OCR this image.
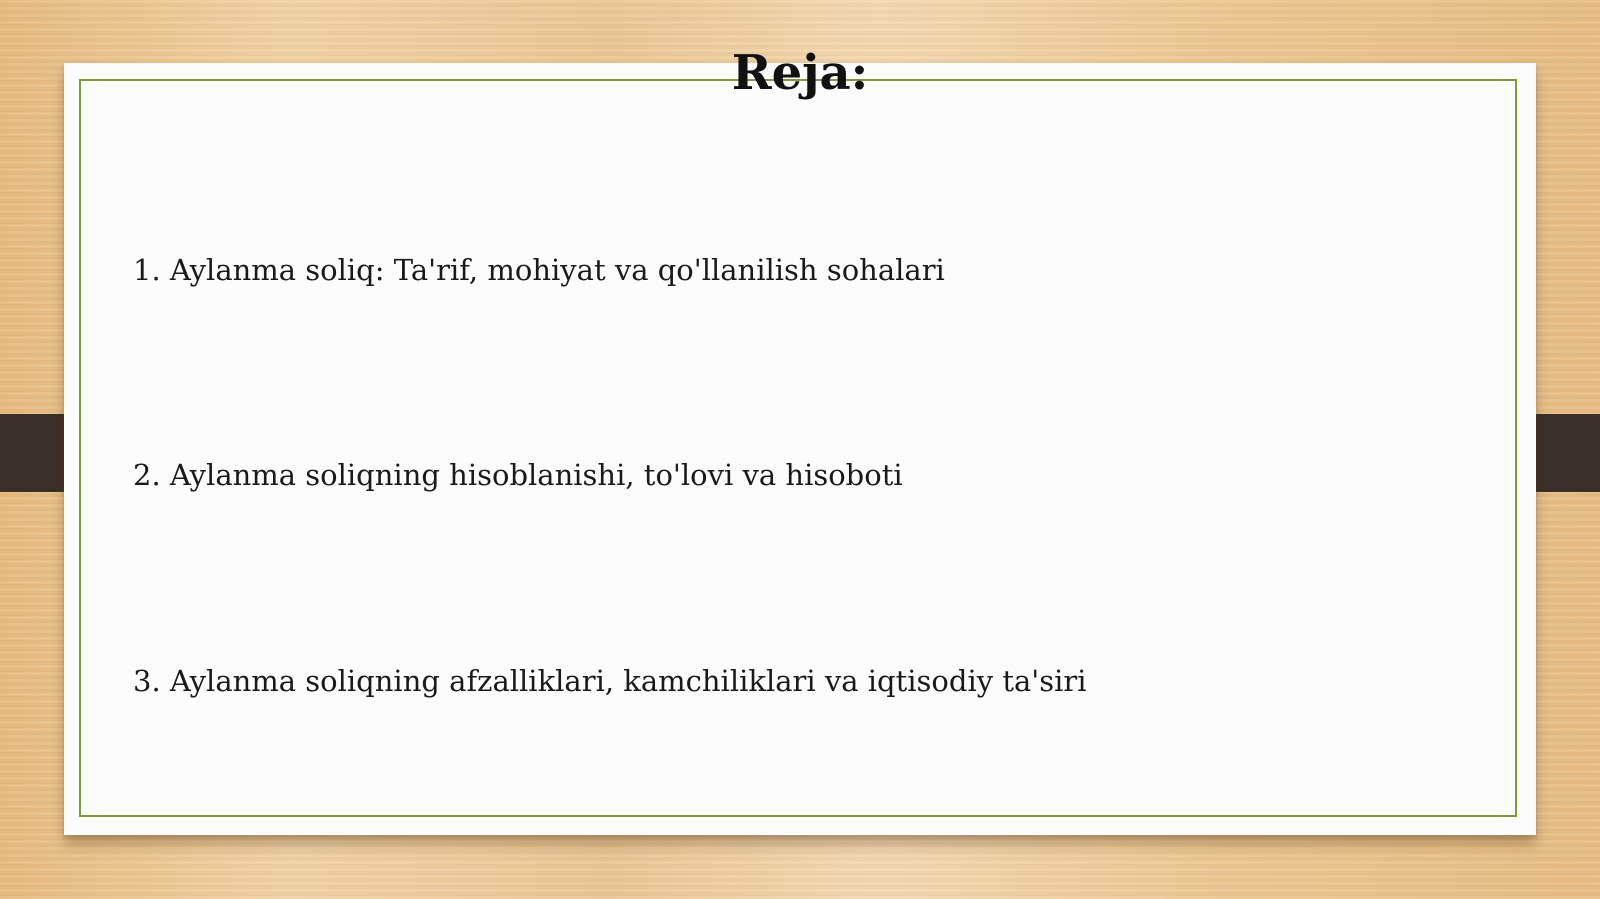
Reja:
1. Aylanma soliq: Ta'rif, mohiyat va qo'llanilish sohalari
2. Aylanma soliqning hisoblanishi, to'lovi va hisoboti
3. Aylanma soliqning afzalliklari, kamchiliklari va iqtisodiy ta'siri
